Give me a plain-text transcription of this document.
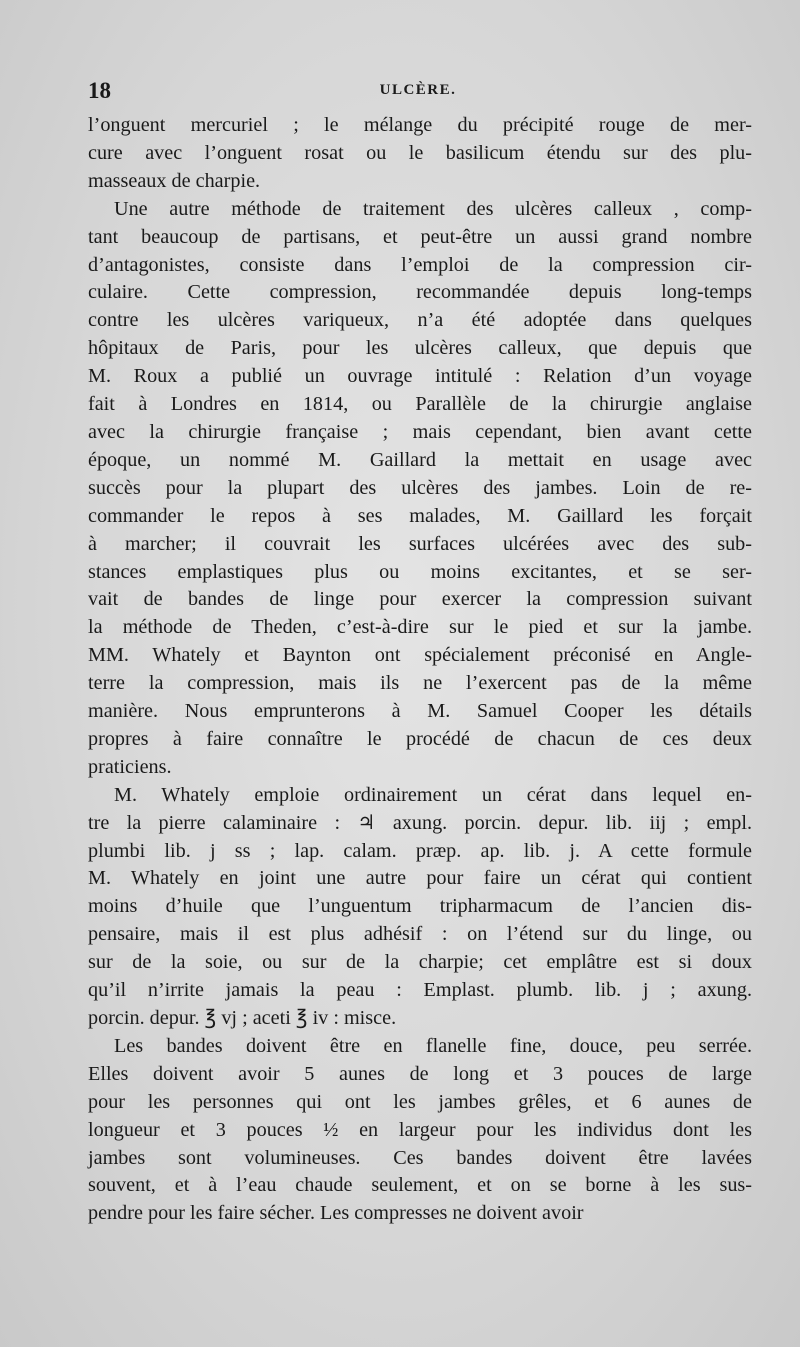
18	ULCÈRE.
l’onguent mercuriel ; le mélange du précipité rouge de mer-
cure avec l’onguent rosat ou le basilicum étendu sur des plu-
masseaux de charpie.
Une autre méthode de traitement des ulcères calleux , comp-
tant beaucoup de partisans, et peut-être un aussi grand nombre
d’antagonistes, consiste dans l’emploi de la compression cir-
culaire. Cette compression, recommandée depuis long-temps
contre les ulcères variqueux, n’a été adoptée dans quelques
hôpitaux de Paris, pour les ulcères calleux, que depuis que
M. Roux a publié un ouvrage intitulé : Relation d’un voyage
fait à Londres en 1814, ou Parallèle de la chirurgie anglaise
avec la chirurgie française ; mais cependant, bien avant cette
époque, un nommé M. Gaillard la mettait en usage avec
succès pour la plupart des ulcères des jambes. Loin de re-
commander le repos à ses malades, M. Gaillard les forçait
à marcher; il couvrait les surfaces ulcérées avec des sub-
stances emplastiques plus ou moins excitantes, et se ser-
vait de bandes de linge pour exercer la compression suivant
la méthode de Theden, c’est-à-dire sur le pied et sur la jambe.
MM. Whately et Baynton ont spécialement préconisé en Angle-
terre la compression, mais ils ne l’exercent pas de la même
manière. Nous emprunterons à M. Samuel Cooper les détails
propres à faire connaître le procédé de chacun de ces deux
praticiens.
M. Whately emploie ordinairement un cérat dans lequel en-
tre la pierre calaminaire : ♃ axung. porcin. depur. lib. iij ; empl.
plumbi lib. j ss ; lap. calam. præp. ap. lib. j. A cette formule
M. Whately en joint une autre pour faire un cérat qui contient
moins d’huile que l’unguentum tripharmacum de l’ancien dis-
pensaire, mais il est plus adhésif : on l’étend sur du linge, ou
sur de la soie, ou sur de la charpie; cet emplâtre est si doux
qu’il n’irrite jamais la peau : Emplast. plumb. lib. j ; axung.
porcin. depur. ℥ vj ; aceti ℥ iv : misce.
Les bandes doivent être en flanelle fine, douce, peu serrée.
Elles doivent avoir 5 aunes de long et 3 pouces de large
pour les personnes qui ont les jambes grêles, et 6 aunes de
longueur et 3 pouces ½ en largeur pour les individus dont les
jambes sont volumineuses. Ces bandes doivent être lavées
souvent, et à l’eau chaude seulement, et on se borne à les sus-
pendre pour les faire sécher. Les compresses ne doivent avoir
